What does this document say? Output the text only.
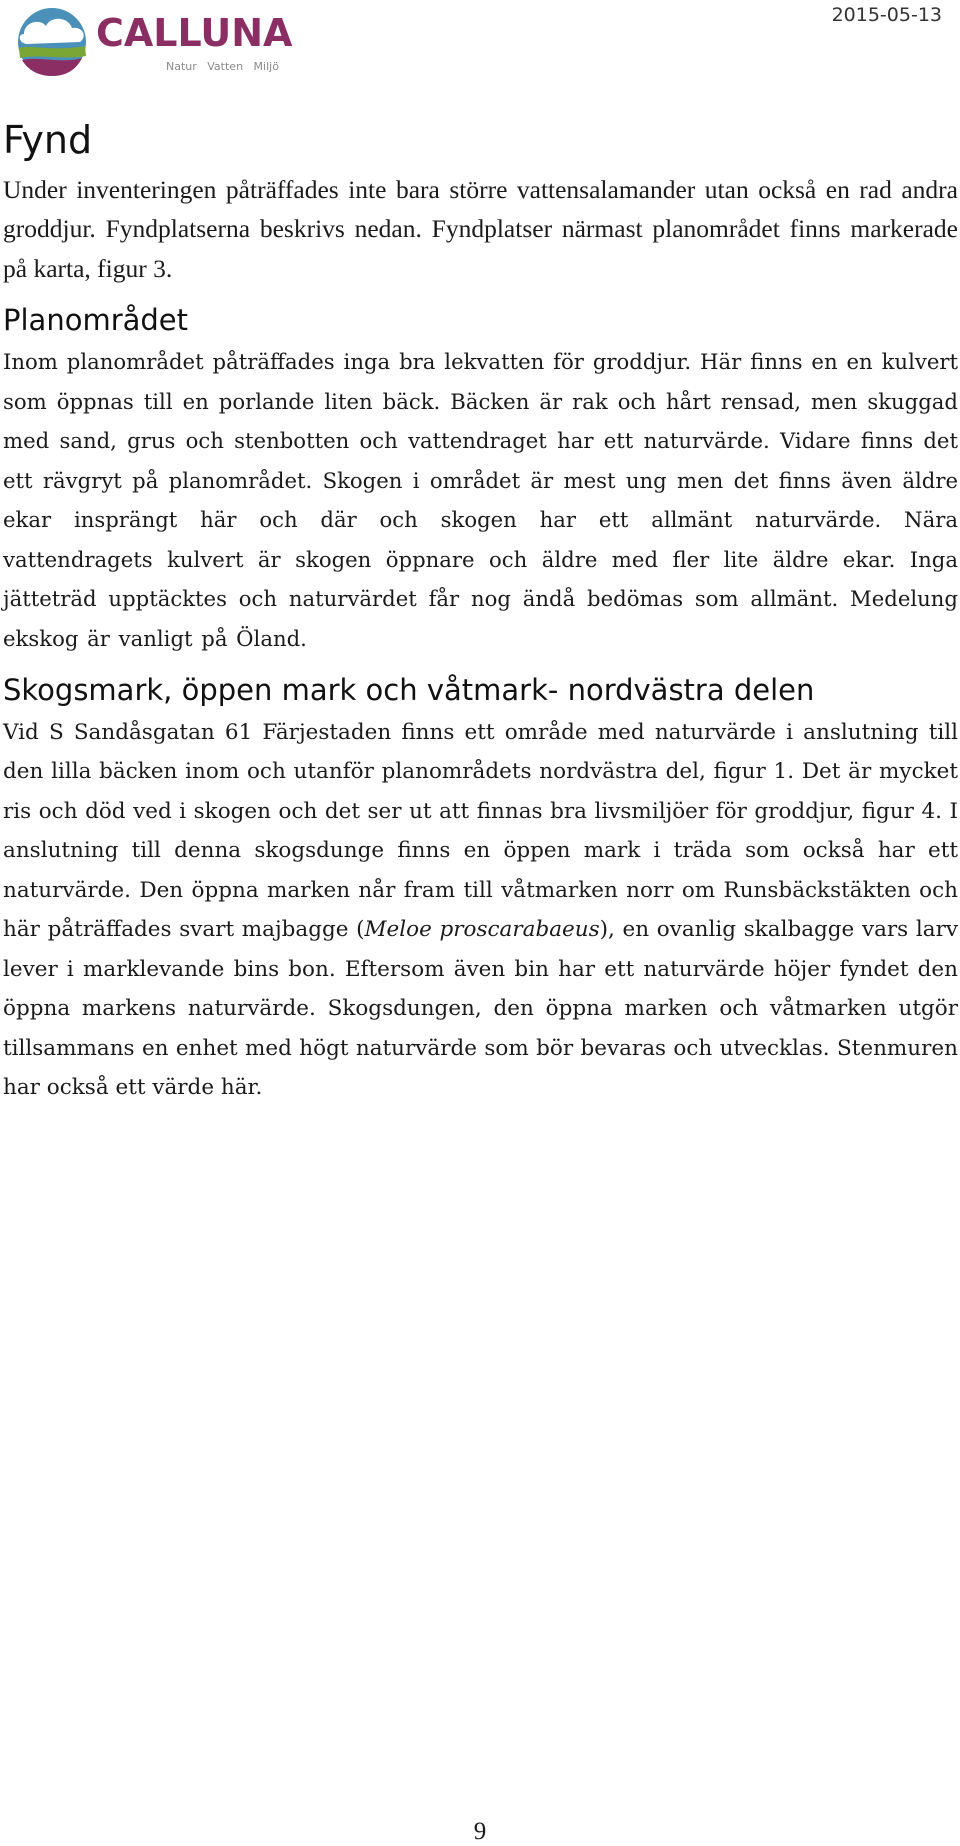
CALLUNA
Natur   Vatten   Miljö
2015-05-13
Fynd

Under inventeringen påträffades inte bara större vattensalamander utan också en rad andra groddjur. Fyndplatserna beskrivs nedan. Fyndplatser närmast planområdet finns markerade på karta, figur 3.

Planområdet

Inom planområdet påträffades inga bra lekvatten för groddjur. Här finns en en kulvert som öppnas till en porlande liten bäck. Bäcken är rak och hårt rensad, men skuggad med sand, grus och stenbotten och vattendraget har ett naturvärde. Vidare finns det ett rävgryt på planområdet. Skogen i området är mest ung men det finns även äldre ekar insprängt här och där och skogen har ett allmänt naturvärde. Nära vattendragets kulvert är skogen öppnare och äldre med fler lite äldre ekar. Inga jätteträd upptäcktes och naturvärdet får nog ändå bedömas som allmänt. Medelung ekskog är vanligt på Öland.

Skogsmark, öppen mark och våtmark- nordvästra delen

Vid S Sandåsgatan 61 Färjestaden finns ett område med naturvärde i anslutning till den lilla bäcken inom och utanför planområdets nordvästra del, figur 1. Det är mycket ris och död ved i skogen och det ser ut att finnas bra livsmiljöer för groddjur, figur 4. I anslutning till denna skogsdunge finns en öppen mark i träda som också har ett naturvärde. Den öppna marken når fram till våtmarken norr om Runsbäckstäkten och här påträffades svart majbagge (Meloe proscarabaeus), en ovanlig skalbagge vars larv lever i marklevande bins bon. Eftersom även bin har ett naturvärde höjer fyndet den öppna markens naturvärde. Skogsdungen, den öppna marken och våtmarken utgör tillsammans en enhet med högt naturvärde som bör bevaras och utvecklas. Stenmuren har också ett värde här.

9
